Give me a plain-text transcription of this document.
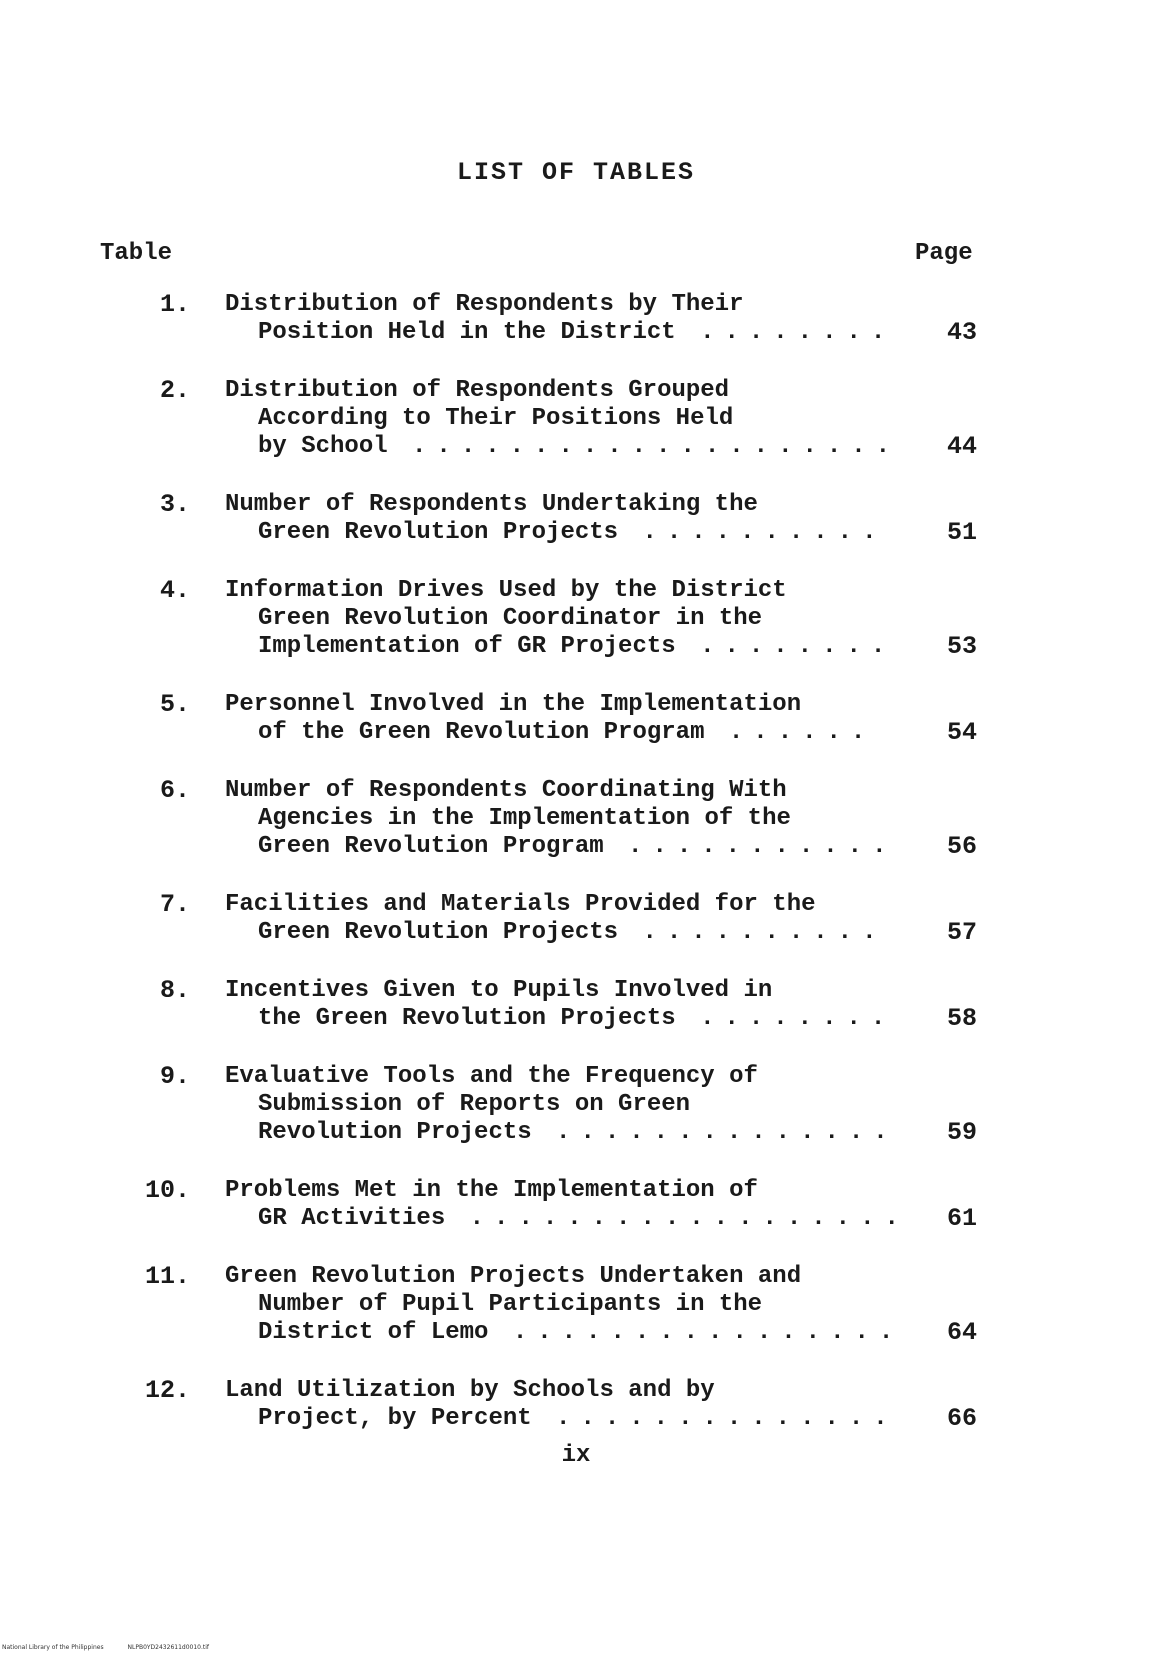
LIST OF TABLES
Table	Page
1. Distribution of Respondents by Their
Position Held in the District ........ 43
2. Distribution of Respondents Grouped
According to Their Positions Held
by School .................... 44
3. Number of Respondents Undertaking the
Green Revolution Projects ..........	51
4. Information Drives Used by the District
Green Revolution Coordinator in the
Implementation of GR Projects ........ 53
5. Personnel Involved in the Implementation
of the Green Revolution Program ......	54
6. Number of Respondents Coordinating With
Agencies in the Implementation of the
Green Revolution Program ........... 56
7. Facilities and Materials Provided for the
Green Revolution Projects ..........	57
8. Incentives Given to Pupils Involved in
the Green Revolution Projects ........ 58
9. Evaluative Tools and the Frequency of
Submission of Reports on Green
Revolution Projects .............. 59
10. Problems Met in the Implementation of
GR Activities .................. 61
11. Green Revolution Projects Undertaken and
Number of Pupil Participants in the
District of Lemo ................ 64
12. Land Utilization by Schools and by
Project, by Percent .............. 66
ix
National Library of the Philippines	NLPB0YD2432611d0010.tif
